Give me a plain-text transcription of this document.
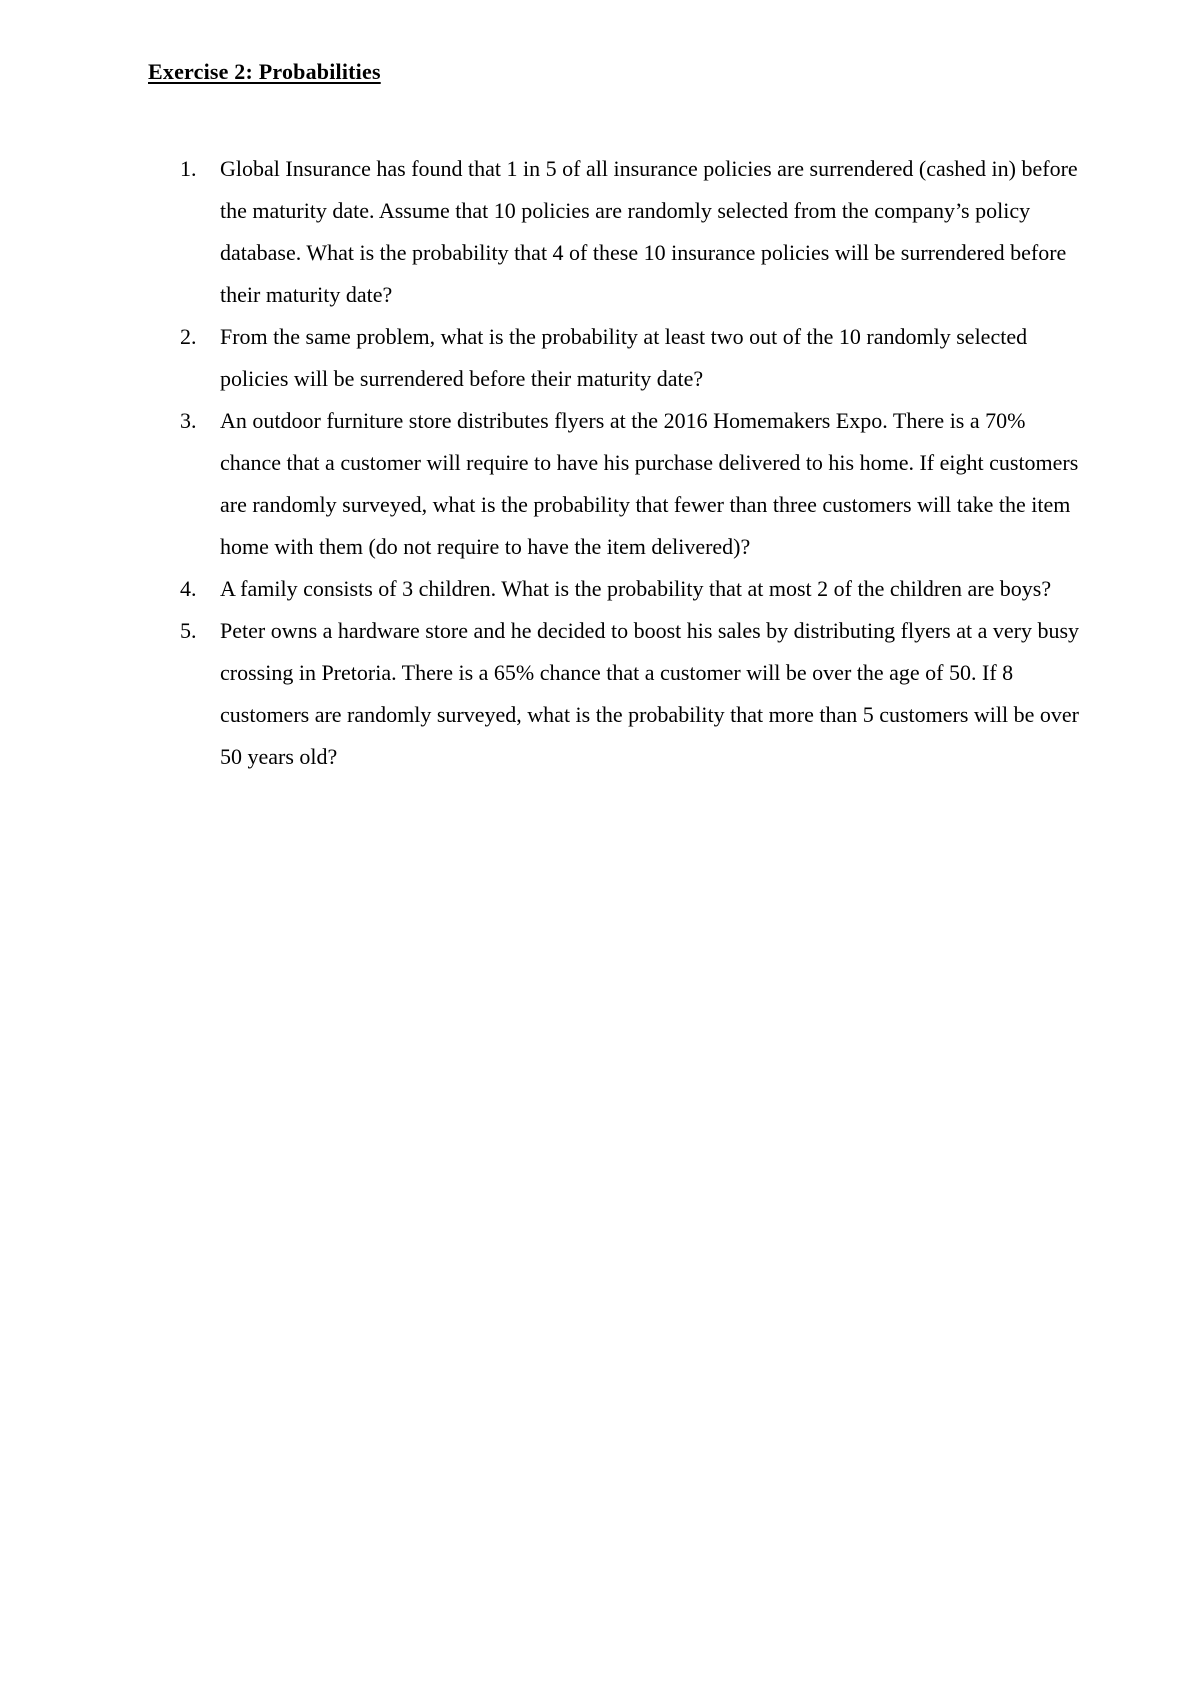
Exercise 2: Probabilities
1.	Global Insurance has found that 1 in 5 of all insurance policies are surrendered (cashed in) before the maturity date. Assume that 10 policies are randomly selected from the company’s policy database. What is the probability that 4 of these 10 insurance policies will be surrendered before their maturity date?
2.	From the same problem, what is the probability at least two out of the 10 randomly selected policies will be surrendered before their maturity date?
3.	An outdoor furniture store distributes flyers at the 2016 Homemakers Expo. There is a 70% chance that a customer will require to have his purchase delivered to his home. If eight customers are randomly surveyed, what is the probability that fewer than three customers will take the item home with them (do not require to have the item delivered)?
4.	A family consists of 3 children. What is the probability that at most 2 of the children are boys?
5.	Peter owns a hardware store and he decided to boost his sales by distributing flyers at a very busy crossing in Pretoria. There is a 65% chance that a customer will be over the age of 50. If 8 customers are randomly surveyed, what is the probability that more than 5 customers will be over 50 years old?
